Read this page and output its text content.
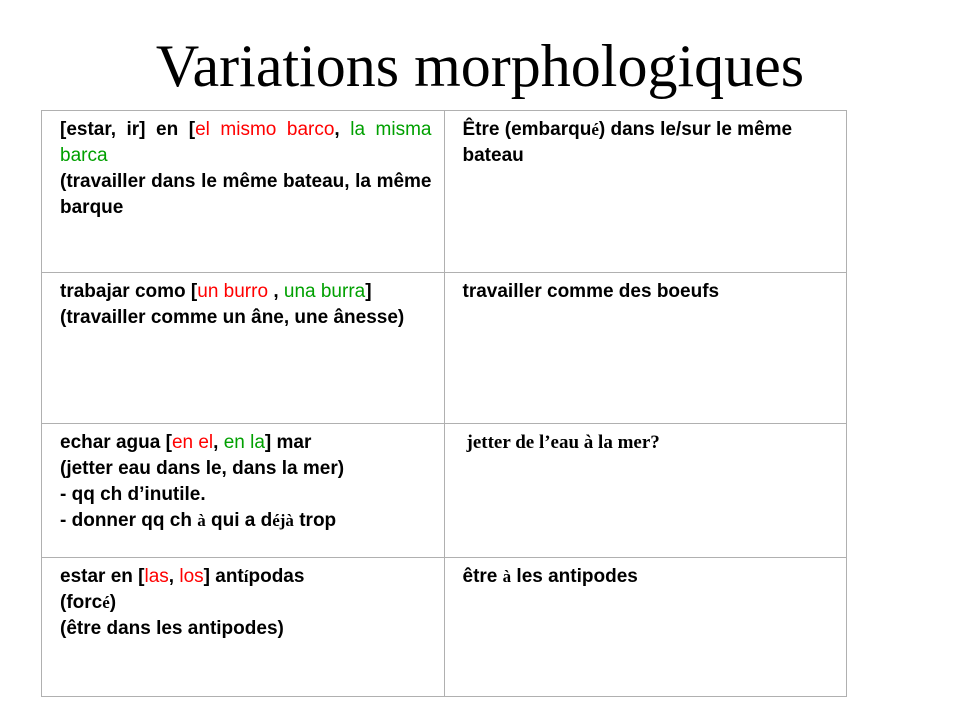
Variations morphologiques
[estar, ir] en [el mismo barco, la misma barca
(travailler dans le même bateau, la même barque	Être (embarqué) dans le/sur le même bateau
trabajar como [un burro , una burra]
(travailler comme un âne, une ânesse)	travailler comme des boeufs
echar agua [en el, en la] mar
(jetter eau dans le, dans la mer)
- qq ch d’inutile.
- donner qq ch à qui a déjà trop	jetter de l’eau à la mer?
estar en [las, los] antípodas
(forcé)
(être dans les antipodes)	être à les antipodes
